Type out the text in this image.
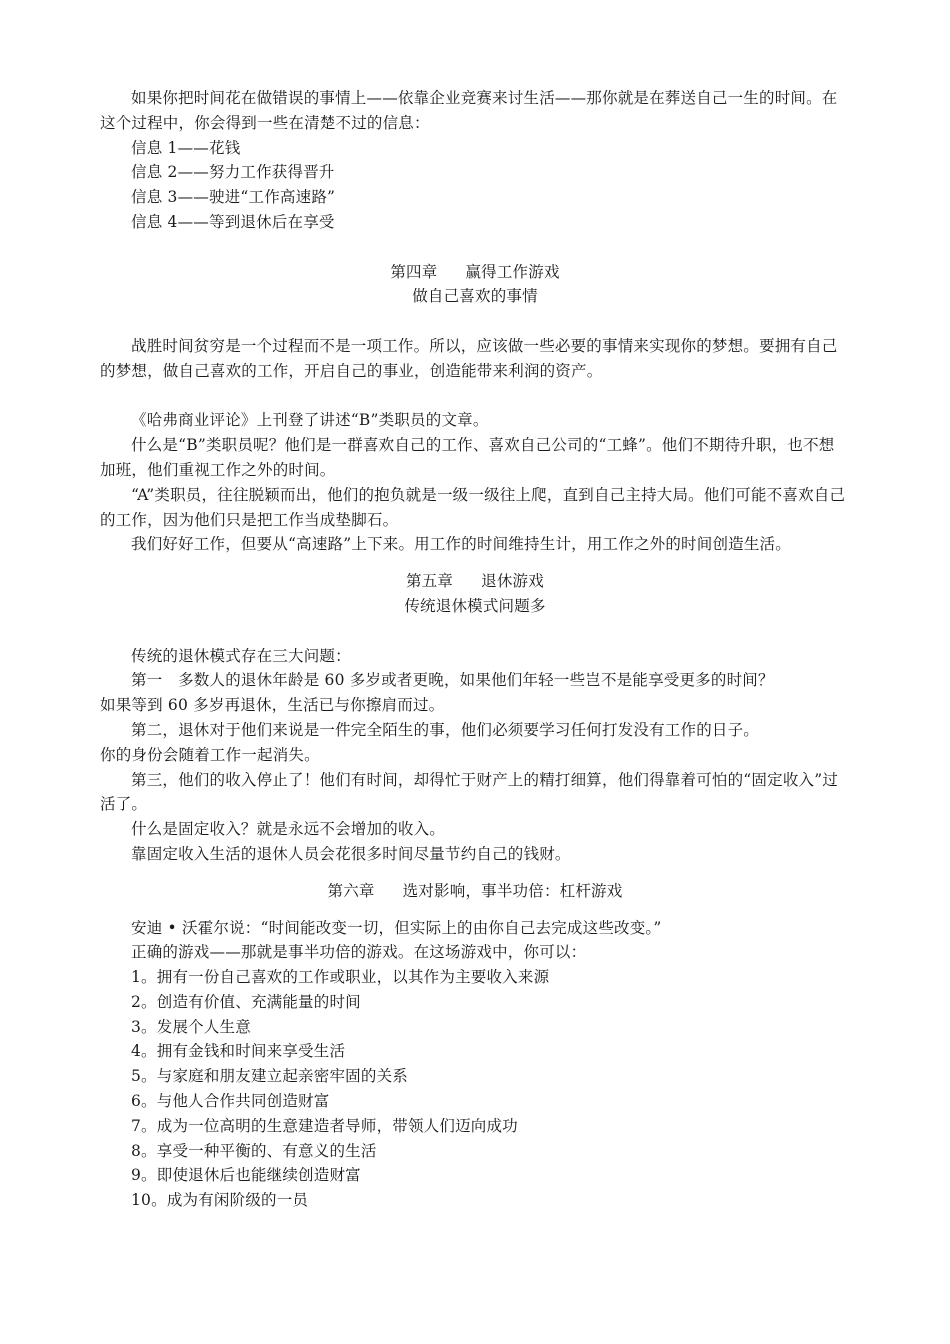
如果你把时间花在做错误的事情上——依靠企业竞赛来讨生活——那你就是在葬送自己一生的时间。在这个过程中，你会得到一些在清楚不过的信息：

信息 1——花钱

信息 2——努力工作获得晋升

信息 3——驶进“工作高速路”

信息 4——等到退休后在享受

第四章 赢得工作游戏

做自己喜欢的事情

战胜时间贫穷是一个过程而不是一项工作。所以，应该做一些必要的事情来实现你的梦想。要拥有自己的梦想，做自己喜欢的工作，开启自己的事业，创造能带来利润的资产。

《哈弗商业评论》上刊登了讲述“B”类职员的文章。

什么是“B”类职员呢？他们是一群喜欢自己的工作、喜欢自己公司的“工蜂”。他们不期待升职，也不想加班，他们重视工作之外的时间。

“A”类职员，往往脱颖而出，他们的抱负就是一级一级往上爬，直到自己主持大局。他们可能不喜欢自己的工作，因为他们只是把工作当成垫脚石。

我们好好工作，但要从“高速路”上下来。用工作的时间维持生计，用工作之外的时间创造生活。

第五章 退休游戏

传统退休模式问题多

传统的退休模式存在三大问题：

第一　多数人的退休年龄是 60 多岁或者更晚，如果他们年轻一些岂不是能享受更多的时间？

如果等到 60 多岁再退休，生活已与你擦肩而过。

第二，退休对于他们来说是一件完全陌生的事，他们必须要学习任何打发没有工作的日子。

你的身份会随着工作一起消失。

第三，他们的收入停止了！他们有时间，却得忙于财产上的精打细算，他们得靠着可怕的“固定收入”过活了。

什么是固定收入？就是永远不会增加的收入。

靠固定收入生活的退休人员会花很多时间尽量节约自己的钱财。

第六章 选对影响，事半功倍：杠杆游戏

安迪 • 沃霍尔说：“时间能改变一切，但实际上的由你自己去完成这些改变。”

正确的游戏——那就是事半功倍的游戏。在这场游戏中，你可以：

1。拥有一份自己喜欢的工作或职业，以其作为主要收入来源

2。创造有价值、充满能量的时间

3。发展个人生意

4。拥有金钱和时间来享受生活

5。与家庭和朋友建立起亲密牢固的关系

6。与他人合作共同创造财富

7。成为一位高明的生意建造者导师，带领人们迈向成功

8。享受一种平衡的、有意义的生活

9。即使退休后也能继续创造财富

10。成为有闲阶级的一员
